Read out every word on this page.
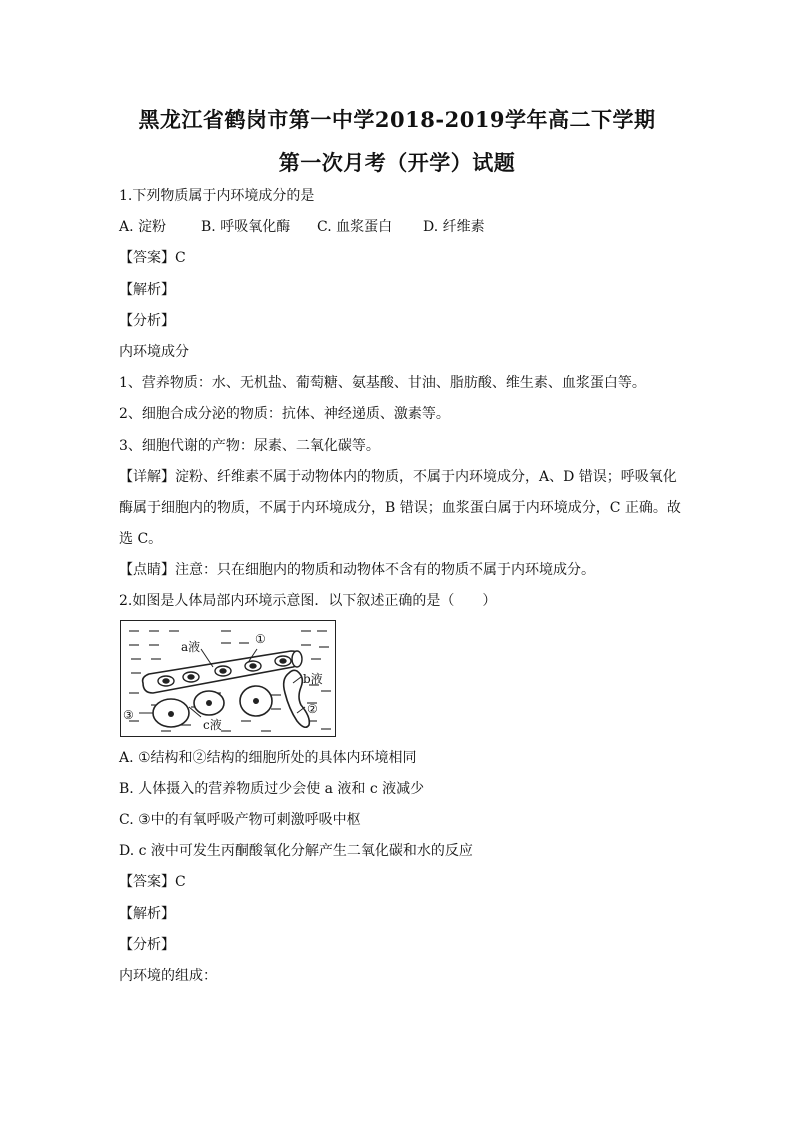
黑龙江省鹤岗市第一中学2018-2019学年高二下学期
第一次月考（开学）试题
1.下列物质属于内环境成分的是
A. 淀粉 B. 呼吸氧化酶 C. 血浆蛋白 D. 纤维素
【答案】C
【解析】
【分析】
内环境成分
1、营养物质：水、无机盐、葡萄糖、氨基酸、甘油、脂肪酸、维生素、血浆蛋白等。
2、细胞合成分泌的物质：抗体、神经递质、激素等。
3、细胞代谢的产物：尿素、二氧化碳等。
【详解】淀粉、纤维素不属于动物体内的物质，不属于内环境成分，A、D 错误；呼吸氧化
酶属于细胞内的物质，不属于内环境成分，B 错误；血浆蛋白属于内环境成分，C 正确。故
选 C。
【点睛】注意：只在细胞内的物质和动物体不含有的物质不属于内环境成分。
2.如图是人体局部内环境示意图．以下叙述正确的是（　　）
a液
①
b液
c液
②
③
A. ①结构和②结构的细胞所处的具体内环境相同
B. 人体摄入的营养物质过少会使 a 液和 c 液减少
C. ③中的有氧呼吸产物可刺激呼吸中枢
D. c 液中可发生丙酮酸氧化分解产生二氧化碳和水的反应
【答案】C
【解析】
【分析】
内环境的组成：
